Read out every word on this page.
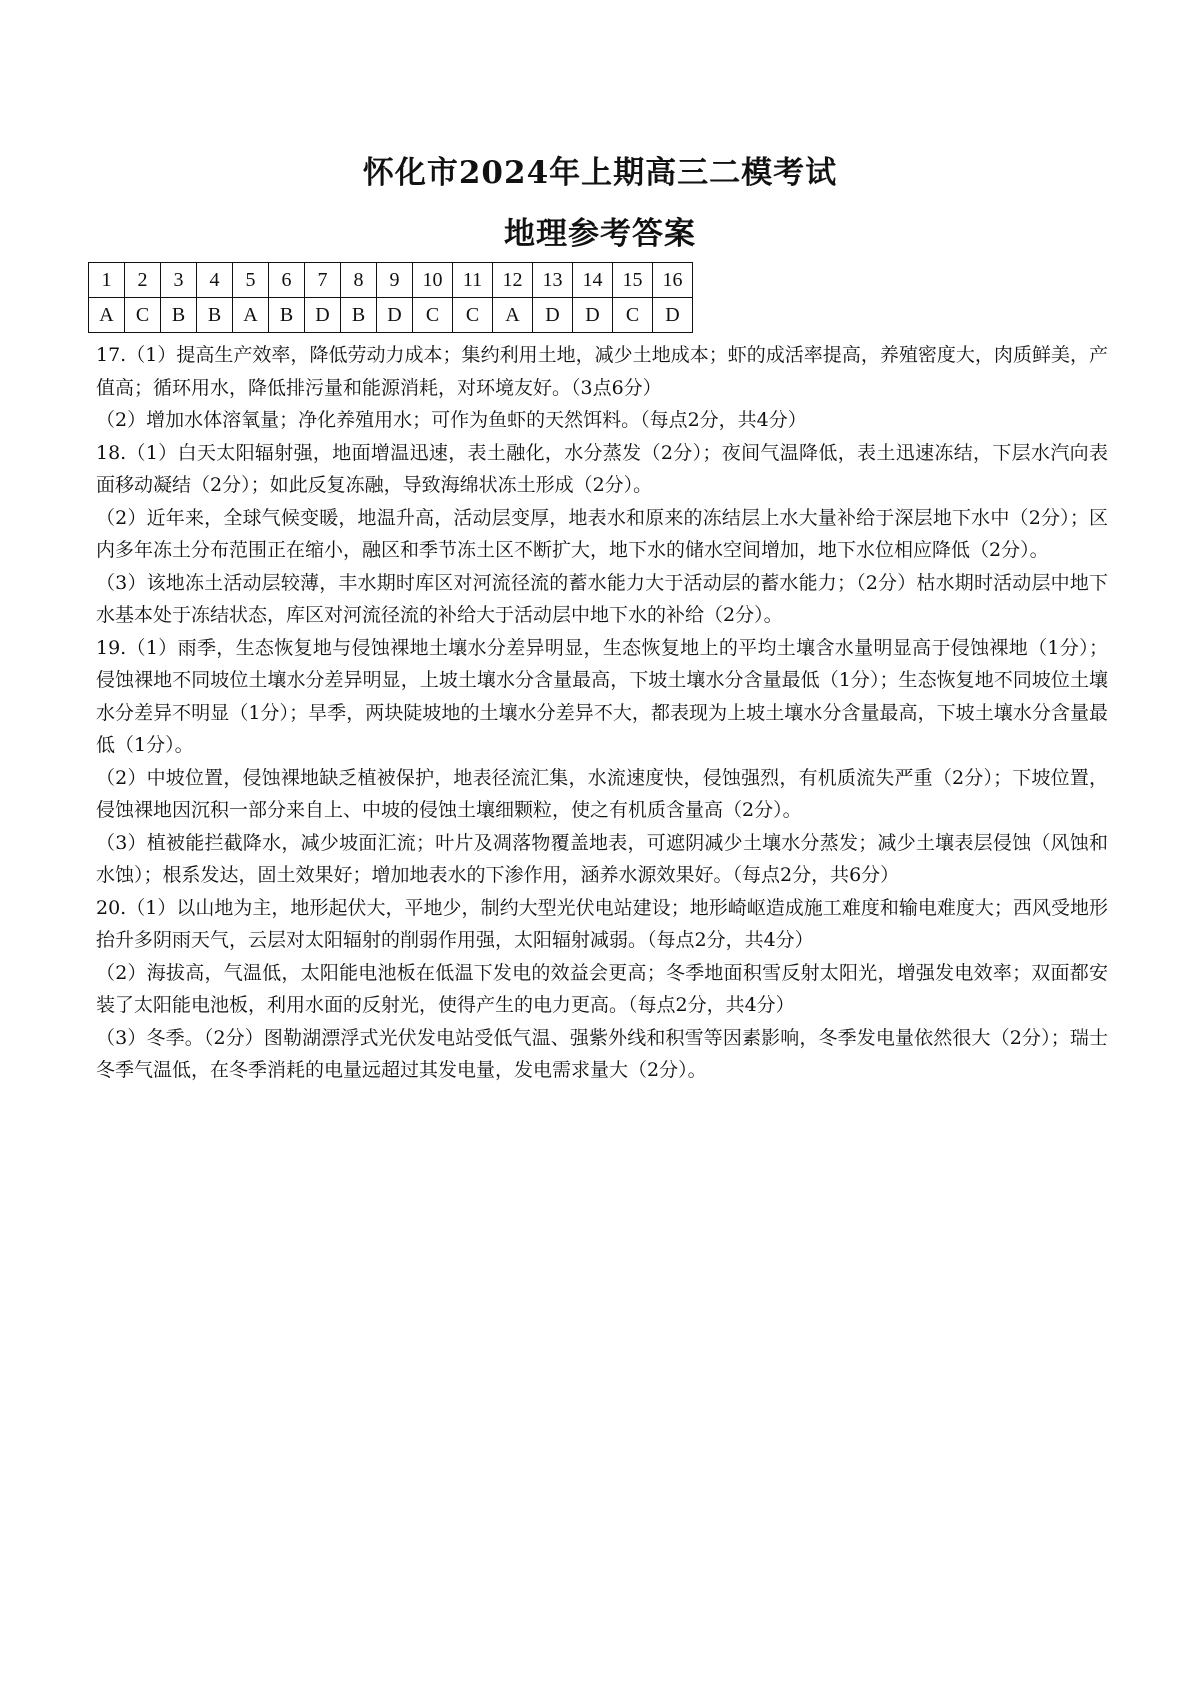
怀化市2024年上期高三二模考试
地理参考答案
1	2	3	4	5	6	7	8	9	10	11	12	13	14	15	16
A	C	B	B	A	B	D	B	D	C	C	A	D	D	C	D

17.（1）提高生产效率，降低劳动力成本；集约利用土地，减少土地成本；虾的成活率提高，养殖密度大，肉质鲜美，产值高；循环用水，降低排污量和能源消耗，对环境友好。（3点6分）

（2）增加水体溶氧量；净化养殖用水；可作为鱼虾的天然饵料。（每点2分，共4分）

18.（1）白天太阳辐射强，地面增温迅速，表土融化，水分蒸发（2分）；夜间气温降低，表土迅速冻结，下层水汽向表面移动凝结（2分）；如此反复冻融，导致海绵状冻土形成（2分）。

（2）近年来，全球气候变暖，地温升高，活动层变厚，地表水和原来的冻结层上水大量补给于深层地下水中（2分）；区内多年冻土分布范围正在缩小，融区和季节冻土区不断扩大，地下水的储水空间增加，地下水位相应降低（2分）。

（3）该地冻土活动层较薄，丰水期时库区对河流径流的蓄水能力大于活动层的蓄水能力；（2分）枯水期时活动层中地下水基本处于冻结状态，库区对河流径流的补给大于活动层中地下水的补给（2分）。

19.（1）雨季，生态恢复地与侵蚀裸地土壤水分差异明显，生态恢复地上的平均土壤含水量明显高于侵蚀裸地（1分）；侵蚀裸地不同坡位土壤水分差异明显，上坡土壤水分含量最高，下坡土壤水分含量最低（1分）；生态恢复地不同坡位土壤水分差异不明显（1分）；旱季，两块陡坡地的土壤水分差异不大，都表现为上坡土壤水分含量最高，下坡土壤水分含量最低（1分）。

（2）中坡位置，侵蚀裸地缺乏植被保护，地表径流汇集，水流速度快，侵蚀强烈，有机质流失严重（2分）；下坡位置，侵蚀裸地因沉积一部分来自上、中坡的侵蚀土壤细颗粒，使之有机质含量高（2分）。

（3）植被能拦截降水，减少坡面汇流；叶片及凋落物覆盖地表，可遮阴减少土壤水分蒸发；减少土壤表层侵蚀（风蚀和水蚀）；根系发达，固土效果好；增加地表水的下渗作用，涵养水源效果好。（每点2分，共6分）

20.（1）以山地为主，地形起伏大，平地少，制约大型光伏电站建设；地形崎岖造成施工难度和输电难度大；西风受地形抬升多阴雨天气，云层对太阳辐射的削弱作用强，太阳辐射减弱。（每点2分，共4分）

（2）海拔高，气温低，太阳能电池板在低温下发电的效益会更高；冬季地面积雪反射太阳光，增强发电效率；双面都安装了太阳能电池板，利用水面的反射光，使得产生的电力更高。（每点2分，共4分）

（3）冬季。（2分）图勒湖漂浮式光伏发电站受低气温、强紫外线和积雪等因素影响，冬季发电量依然很大（2分）；瑞士冬季气温低，在冬季消耗的电量远超过其发电量，发电需求量大（2分）。
